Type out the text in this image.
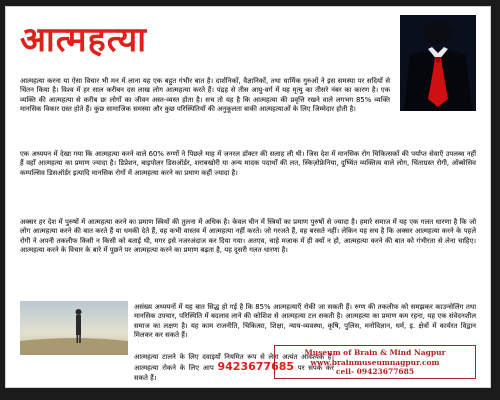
आत्महत्या
आत्महत्या करना या ऐसा विचार भी मन में लाना यह एक बहुत गंभीर बात है। दार्शनिकों, वैज्ञानिकों, तथा धार्मिक गुरुओं ने इस समस्या पर सदियों से चिंतन किया है। विश्व में हर साल करीबन दस लाख लोग आत्महत्या करते हैं। पंद्रह से तीस आयु-वर्ग में यह मृत्यु का तीसरे नंबर का कारण है। एक व्यक्ति की आत्महत्या से करीब छः लोगों का जीवन अस्त-व्यस्त होता है। सच तो यह है कि आत्महत्या की प्रवृत्ति रखने वाले लगभग 85% व्यक्ति मानसिक विकार ग्रस्त होते हैं। कुछ सामाजिक समस्या और कुछ परिस्थितियों की अनुकूलता बाकी आत्महत्याओं के लिए जिम्मेदार होती है।
एक अध्ययन में देखा गया कि आत्महत्या करने वाले 60% रुग्णों ने पिछले माह में जनरल डॉक्टर की सलाह ली थी। जिस देश में मानसिक रोग चिकित्सकों की पर्याप्त सेवाएँ उपलब्ध नहीं हैं वहाँ आत्महत्या का प्रमाण ज्यादा है। डिप्रेशन, बाइपोलर डिसऑर्डर, शराबखोरी या अन्य मादक पदार्थों की लत, स्किज़ोफ्रेनिया, दुष्चिंत व्यक्तित्व वाले लोग, चिंताग्रस्त रोगी, ऑब्सेसिव कम्पल्सिव डिसऑर्डर इत्यादि मानसिक रोगों में आत्महत्या करने का प्रमाण कहीं ज्यादा है।
अक्सर हर देश में पुरुषों में आत्महत्या करने का प्रमाण स्त्रियों की तुलना में अधिक है। केवल चीन में स्त्रियों का प्रमाण पुरुषों से ज्यादा है। हमारे समाज में यह एक गलत धारणा है कि जो लोग आत्महत्या करने की बात करते हैं या धमकी देते हैं, वह कभी वास्तव में आत्महत्या नहीं करते। जो गरजते हैं, वह बरसते नहीं। लेकिन यह सच है कि अक्सर आत्महत्या करने के पहले रोगी ने अपनी तकलीफ किसी न किसी को बताई थी, मगर इसे नजरअंदाज कर दिया गया। अतएव, चाहे मजाक में ही क्यों न हो, आत्महत्या करने की बात को गंभीरता से लेना चाहिए। आत्महत्या करने के विचार के बारे में पूछने पर आत्महत्या करने का प्रमाण बढ़ता है, यह दूसरी गलत धारणा है।
असंख्य अध्ययनों में यह बात सिद्ध हो गई है कि 85% आत्महत्याएँ रोकी जा सकती हैं। रुग्ण की तकलीफ को समझकर काउन्सेलिंग तथा मानसिक उपचार, परिस्थिति में बदलाव लाने की कोशिश से आत्महत्या टल सकती है। आत्महत्या का प्रमाण कम रहना, यह एक संवेदनशील समाज का लक्षण है। यह काम राजनीति, चिकित्सा, शिक्षा, न्याय-व्यवस्था, कृषि, पुलिस, मनोविज्ञान, धर्म, इ. क्षेत्रों में कार्यरत विद्वान मिलकर कर सकते हैं।
आत्महत्या टालने के लिए दवाइयाँ नियमित रूप से लेना अत्यंत आवश्यक है। आत्महत्या रोकने के लिए आप 9423677685 पर संपर्क कर सकते हैं।
Museum of Brain & Mind Nagpur
www.brainmuseumnagpur.com
cell- 09423677685
